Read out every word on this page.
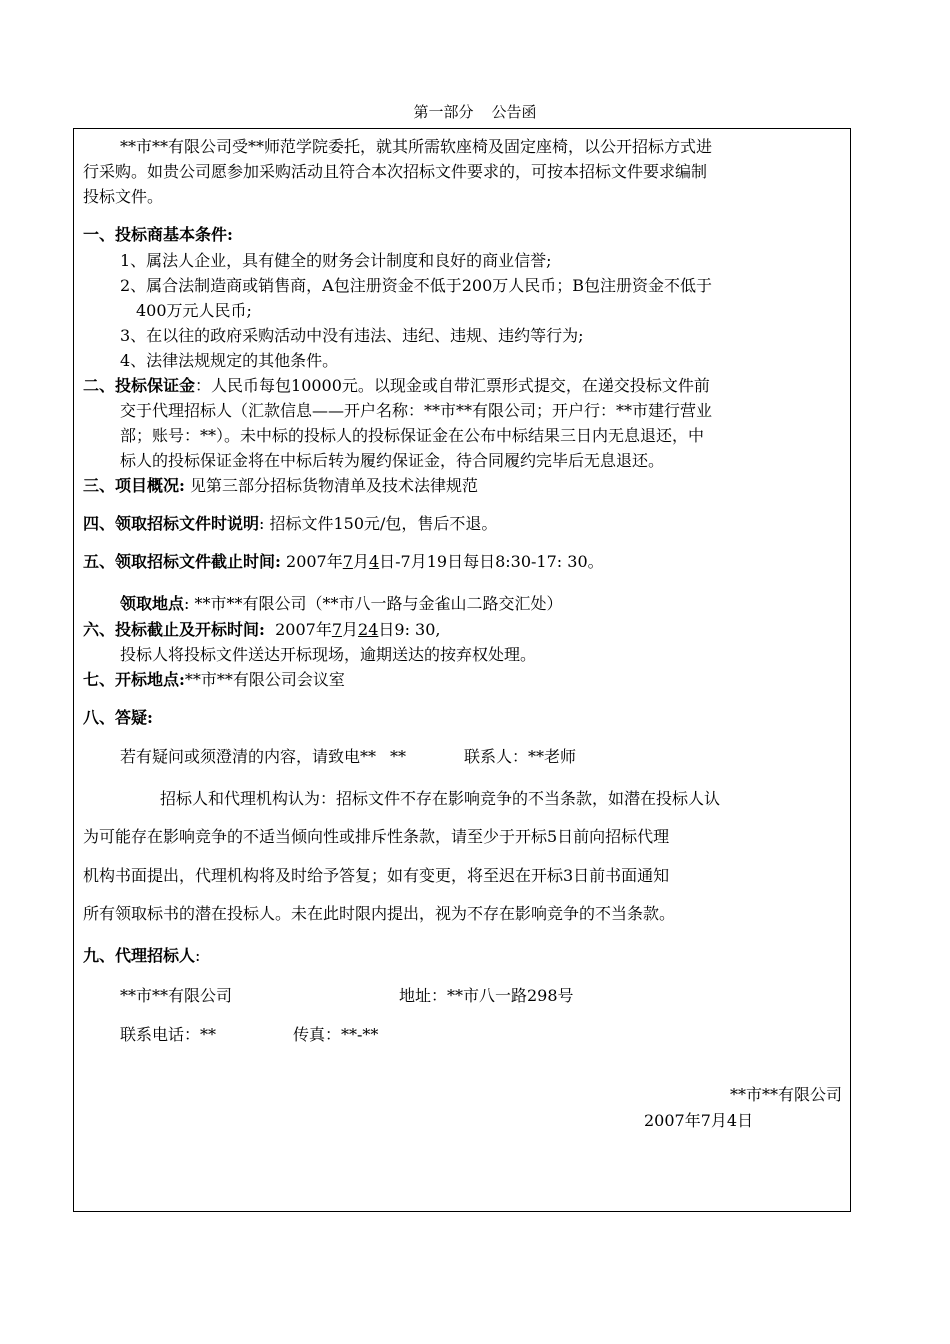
第一部分 公告函
**市**有限公司受**师范学院委托，就其所需软座椅及固定座椅，以公开招标方式进
行采购。如贵公司愿参加采购活动且符合本次招标文件要求的，可按本招标文件要求编制
投标文件。
一、投标商基本条件:
1、属法人企业，具有健全的财务会计制度和良好的商业信誉;
2、属合法制造商或销售商，A包注册资金不低于200万人民币；B包注册资金不低于
400万元人民币;
3、在以往的政府采购活动中没有违法、违纪、违规、违约等行为;
4、法律法规规定的其他条件。
二、投标保证金：人民币每包10000元。以现金或自带汇票形式提交，在递交投标文件前
交于代理招标人（汇款信息——开户名称：**市**有限公司；开户行：**市建行营业
部；账号：**）。未中标的投标人的投标保证金在公布中标结果三日内无息退还，中
标人的投标保证金将在中标后转为履约保证金，待合同履约完毕后无息退还。
三、项目概况: 见第三部分招标货物清单及技术法律规范
四、领取招标文件时说明: 招标文件150元/包，售后不退。
五、领取招标文件截止时间: 2007年7月4日-7月19日每日8:30-17: 30。
领取地点: **市**有限公司（**市八一路与金雀山二路交汇处）
六、投标截止及开标时间: 2007年7月24日9: 30,
投标人将投标文件送达开标现场，逾期送达的按弃权处理。
七、开标地点:**市**有限公司会议室
八、答疑:
若有疑问或须澄清的内容，请致电** **	联系人：**老师
招标人和代理机构认为：招标文件不存在影响竞争的不当条款，如潜在投标人认
为可能存在影响竞争的不适当倾向性或排斥性条款，请至少于开标5日前向招标代理
机构书面提出，代理机构将及时给予答复；如有变更，将至迟在开标3日前书面通知
所有领取标书的潜在投标人。未在此时限内提出，视为不存在影响竞争的不当条款。
九、代理招标人:
**市**有限公司	地址：**市八一路298号
联系电话：**	传真：**-**
**市**有限公司
2007年7月4日
